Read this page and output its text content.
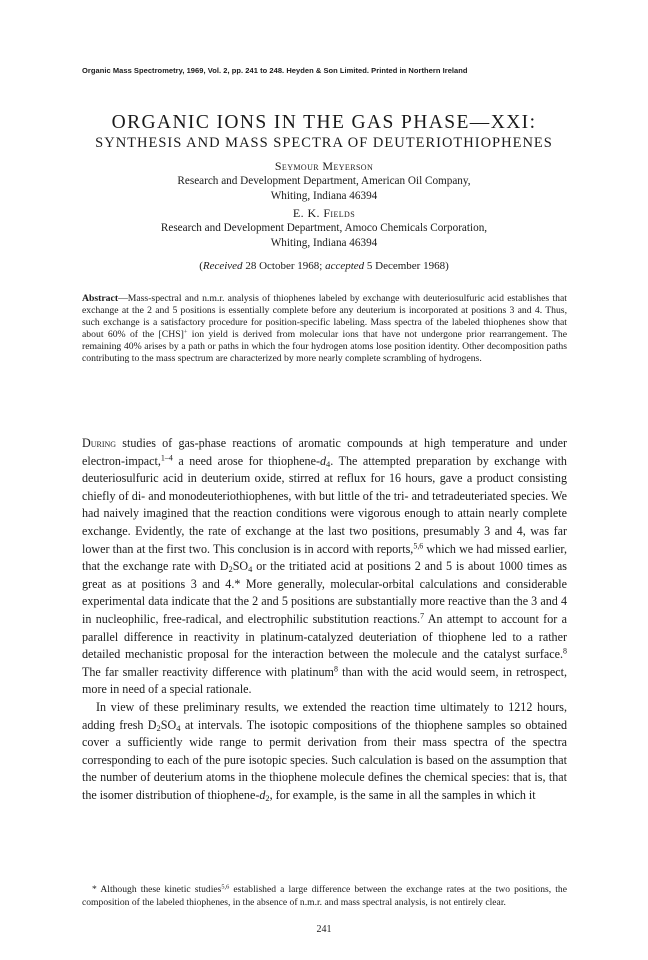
Organic Mass Spectrometry, 1969, Vol. 2, pp. 241 to 248. Heyden & Son Limited. Printed in Northern Ireland
ORGANIC IONS IN THE GAS PHASE—XXI:
SYNTHESIS AND MASS SPECTRA OF DEUTERIOTHIOPHENES
Seymour Meyerson
Research and Development Department, American Oil Company,
Whiting, Indiana 46394
E. K. Fields
Research and Development Department, Amoco Chemicals Corporation,
Whiting, Indiana 46394
(Received 28 October 1968; accepted 5 December 1968)

Abstract—Mass-spectral and n.m.r. analysis of thiophenes labeled by exchange with deuteriosulfuric acid establishes that exchange at the 2 and 5 positions is essentially complete before any deuterium is incorporated at positions 3 and 4. Thus, such exchange is a satisfactory procedure for position-specific labeling. Mass spectra of the labeled thiophenes show that about 60% of the [CHS]+ ion yield is derived from molecular ions that have not undergone prior rearrangement. The remaining 40% arises by a path or paths in which the four hydrogen atoms lose position identity. Other decomposition paths contributing to the mass spectrum are characterized by more nearly complete scrambling of hydrogens.

During studies of gas-phase reactions of aromatic compounds at high temperature and under electron-impact,$^{1-4}$ a need arose for thiophene-$d_4$. The attempted preparation by exchange with deuteriosulfuric acid in deuterium oxide, stirred at reflux for 16 hours, gave a product consisting chiefly of di- and monodeuteriothiophenes, with but little of the tri- and tetradeuteriated species. We had naively imagined that the reaction conditions were vigorous enough to attain nearly complete exchange. Evidently, the rate of exchange at the last two positions, presumably 3 and 4, was far lower than at the first two. This conclusion is in accord with reports,$^{5,6}$ which we had missed earlier, that the exchange rate with $D_2SO_4$ or the tritiated acid at positions 2 and 5 is about 1000 times as great as at positions 3 and 4.* More generally, molecular-orbital calculations and considerable experimental data indicate that the 2 and 5 positions are substantially more reactive than the 3 and 4 in nucleophilic, free-radical, and electrophilic substitution reactions.$^7$ An attempt to account for a parallel difference in reactivity in platinum-catalyzed deuteriation of thiophene led to a rather detailed mechanistic proposal for the interaction between the molecule and the catalyst surface.$^8$ The far smaller reactivity difference with platinum$^8$ than with the acid would seem, in retrospect, more in need of a special rationale.

In view of these preliminary results, we extended the reaction time ultimately to 1212 hours, adding fresh $D_2SO_4$ at intervals. The isotopic compositions of the thiophene samples so obtained cover a sufficiently wide range to permit derivation from their mass spectra of the spectra corresponding to each of the pure isotopic species. Such calculation is based on the assumption that the number of deuterium atoms in the thiophene molecule defines the chemical species: that is, that the isomer distribution of thiophene-$d_2$, for example, is the same in all the samples in which it

* Although these kinetic studies$^{5,6}$ established a large difference between the exchange rates at the two positions, the composition of the labeled thiophenes, in the absence of n.m.r. and mass spectral analysis, is not entirely clear.

241
